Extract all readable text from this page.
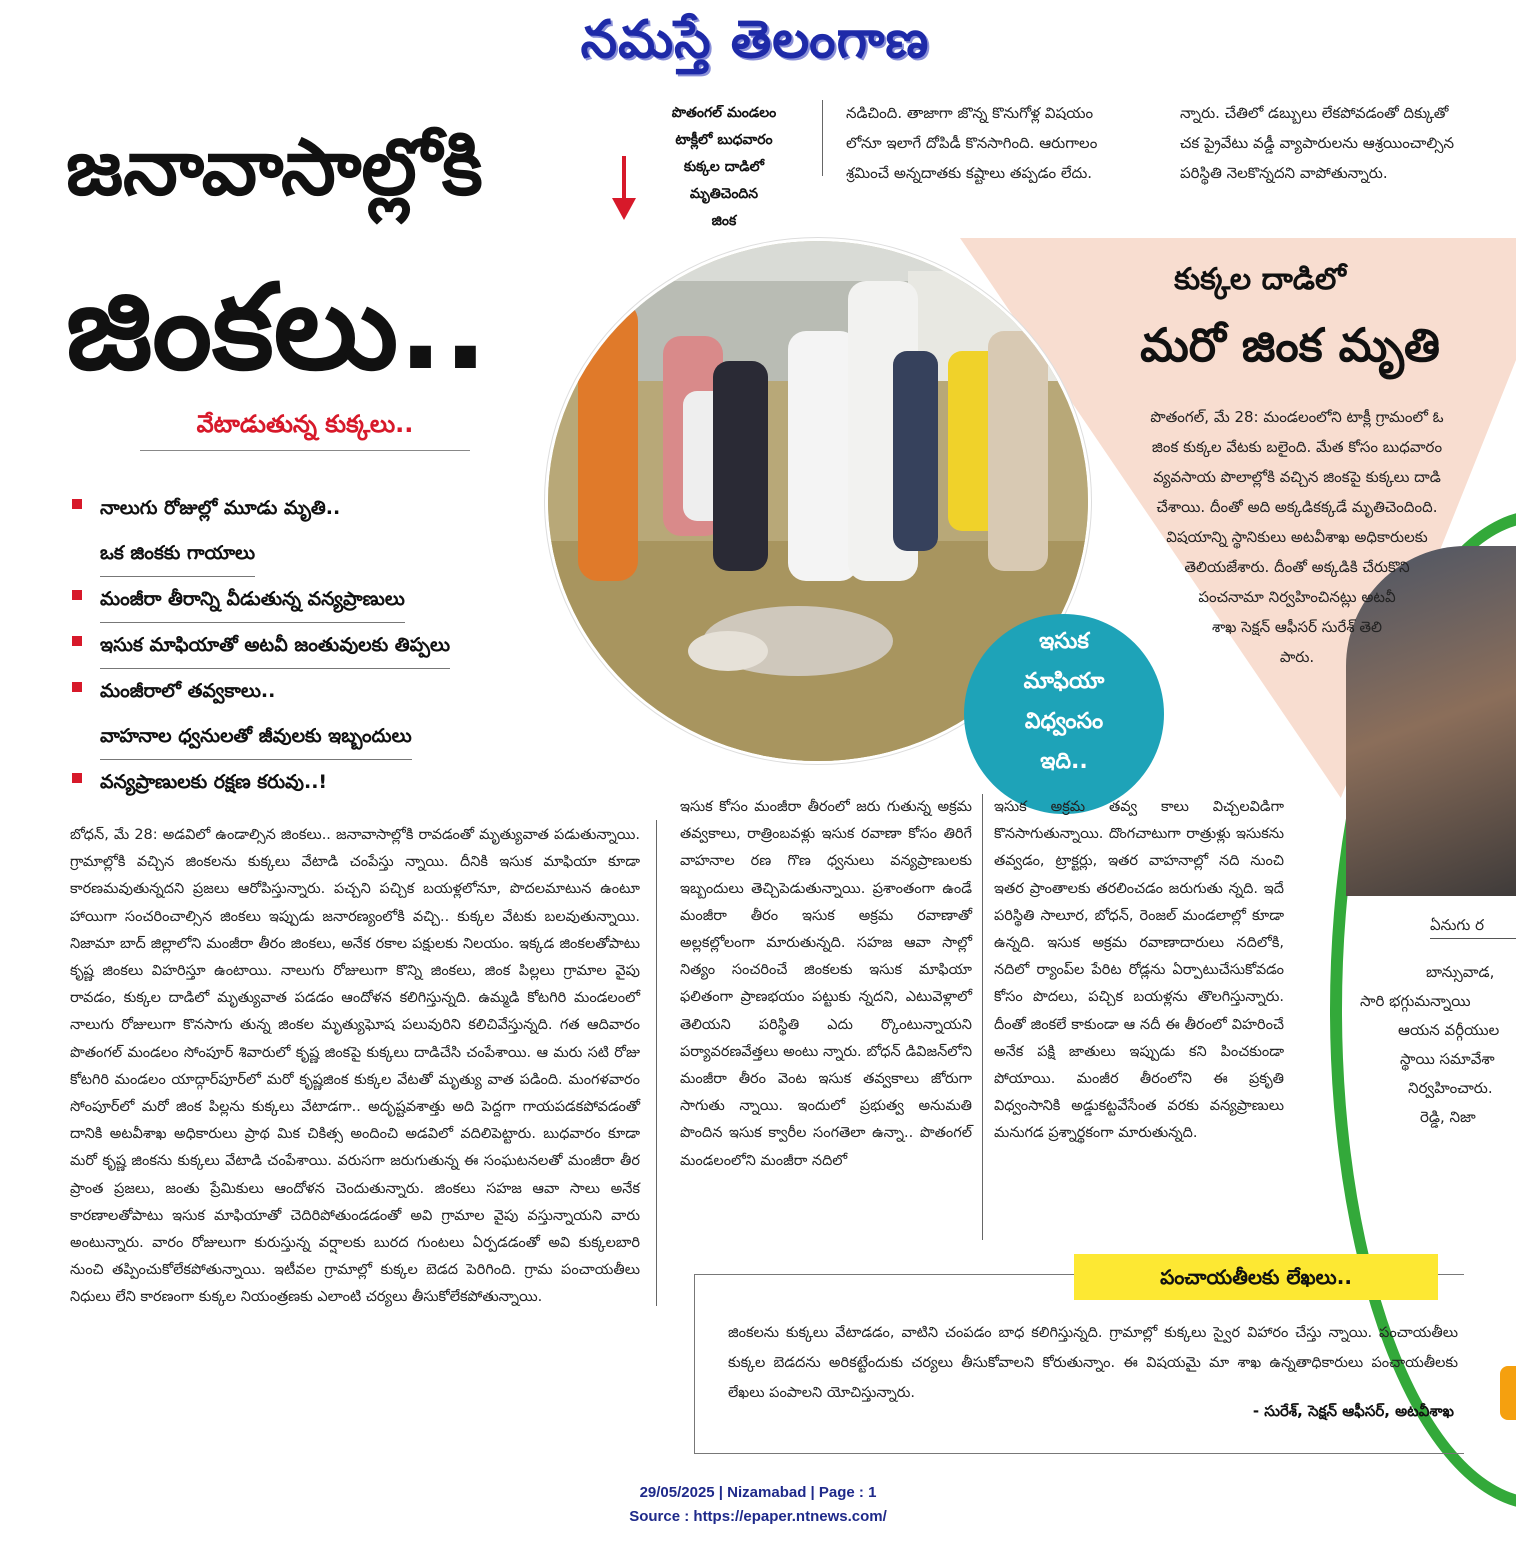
నమస్తే తెలంగాణ
జనావాసాల్లోకి
జింకలు..
పొతంగల్ మండలం
టాక్లీలో బుధవారం
కుక్కల దాడిలో
మృతిచెందిన
జింక
నడిచింది. తాజాగా జొన్న కొనుగోళ్ల విషయం
లోనూ ఇలాగే దోపిడీ కొనసాగింది. ఆరుగాలం
శ్రమించే అన్నదాతకు కష్టాలు తప్పడం లేదు.
న్నారు. చేతిలో డబ్బులు లేకపోవడంతో దిక్కుతో
చక ప్రైవేటు వడ్డీ వ్యాపారులను ఆశ్రయించాల్సిన
పరిస్థితి నెలకొన్నదని వాపోతున్నారు.
ఏనుగు ర
బాన్సువాడ,
సారి భగ్గుమన్నాయి
ఆయన వర్గీయుల
స్థాయి సమావేశా
నిర్వహించారు.
రెడ్డి, నిజా
వేటాడుతున్న కుక్కలు..
నాలుగు రోజుల్లో మూడు మృతి..
ఒక జింకకు గాయాలు
మంజీరా తీరాన్ని వీడుతున్న వన్యప్రాణులు
ఇసుక మాఫియాతో అటవీ జంతువులకు తిప్పలు
మంజీరాలో తవ్వకాలు..
వాహనాల ధ్వనులతో జీవులకు ఇబ్బందులు
వన్యప్రాణులకు రక్షణ కరువు..!
కుక్కల దాడిలో
మరో జింక మృతి
పొతంగల్, మే 28: మండలంలోని టాక్లీ గ్రామంలో ఓ
జింక కుక్కల వేటకు బలైంది. మేత కోసం బుధవారం
వ్యవసాయ పొలాల్లోకి వచ్చిన జింకపై కుక్కలు దాడి
చేశాయి. దీంతో అది అక్కడికక్కడే మృతిచెందింది.
విషయాన్ని స్థానికులు అటవీశాఖ అధికారులకు
తెలియజేశారు. దీంతో అక్కడికి చేరుకొని
పంచనామా నిర్వహించినట్లు అటవీ
శాఖ సెక్షన్ ఆఫీసర్ సురేశ్ తెలి
పారు.
ఇసుక
మాఫియా
విధ్వంసం
ఇది..
బోధన్, మే 28: అడవిలో ఉండాల్సిన జింకలు.. జనావాసాల్లోకి రావడంతో మృత్యువాత పడుతున్నాయి. గ్రామాల్లోకి వచ్చిన జింకలను కుక్కలు వేటాడి చంపేస్తు న్నాయి. దీనికి ఇసుక మాఫియా కూడా కారణమవుతున్నదని ప్రజలు ఆరోపిస్తున్నారు. పచ్చని పచ్చిక బయళ్లలోనూ, పొదలమాటున ఉంటూ హాయిగా సంచరించాల్సిన జింకలు ఇప్పుడు జనారణ్యంలోకి వచ్చి.. కుక్కల వేటకు బలవుతున్నాయి. నిజామా బాద్ జిల్లాలోని మంజీరా తీరం జింకలు, అనేక రకాల పక్షులకు నిలయం. ఇక్కడ జింకలతోపాటు కృష్ణ జింకలు విహరిస్తూ ఉంటాయి. నాలుగు రోజులుగా కొన్ని జింకలు, జింక పిల్లలు గ్రామాల వైపు రావడం, కుక్కల దాడిలో మృత్యువాత పడడం ఆందోళన కలిగిస్తున్నది. ఉమ్మడి కోటగిరి మండలంలో నాలుగు రోజులుగా కొనసాగు తున్న జింకల మృత్యుఘోష పలువురిని కలిచివేస్తున్నది. గత ఆదివారం పొతంగల్ మండలం సోంపూర్ శివారులో కృష్ణ జింకపై కుక్కలు దాడిచేసి చంపేశాయి. ఆ మరు సటి రోజు కోటగిరి మండలం యాద్గార్‌పూర్‌లో మరో కృష్ణజింక కుక్కల వేటతో మృత్యు వాత పడింది. మంగళవారం సోంపూర్‌లో మరో జింక పిల్లను కుక్కలు వేటాడగా.. అదృష్టవశాత్తు అది పెద్దగా గాయపడకపోవడంతో దానికి అటవీశాఖ అధికారులు ప్రాథ మిక చికిత్స అందించి అడవిలో వదిలిపెట్టారు. బుధవారం కూడా మరో కృష్ణ జింకను కుక్కలు వేటాడి చంపేశాయి. వరుసగా జరుగుతున్న ఈ సంఘటనలతో మంజీరా తీర ప్రాంత ప్రజలు, జంతు ప్రేమికులు ఆందోళన చెందుతున్నారు. జింకలు సహజ ఆవా సాలు అనేక కారణాలతోపాటు ఇసుక మాఫియాతో చెదిరిపోతుండడంతో అవి గ్రామాల వైపు వస్తున్నాయని వారు అంటున్నారు. వారం రోజులుగా కురుస్తున్న వర్షాలకు బురద గుంటలు ఏర్పడడంతో అవి కుక్కలబారి నుంచి తప్పించుకోలేకపోతున్నాయి. ఇటీవల గ్రామాల్లో కుక్కల బెడద పెరిగింది. గ్రామ పంచాయతీలు నిధులు లేని కారణంగా కుక్కల నియంత్రణకు ఎలాంటి చర్యలు తీసుకోలేకపోతున్నాయి.
ఇసుక కోసం మంజీరా తీరంలో జరు గుతున్న అక్రమ తవ్వకాలు, రాత్రింబవళ్లు ఇసుక రవాణా కోసం తిరిగే వాహనాల రణ గొణ ధ్వనులు వన్యప్రాణులకు ఇబ్బందులు తెచ్చిపెడుతున్నాయి. ప్రశాంతంగా ఉండే మంజీరా తీరం ఇసుక అక్రమ రవాణాతో అల్లకల్లోలంగా మారుతున్నది. సహజ ఆవా సాల్లో నిత్యం సంచరించే జింకలకు ఇసుక మాఫియా ఫలితంగా ప్రాణభయం పట్టుకు న్నదని, ఎటువెళ్లాలో తెలియని పరిస్థితి ఎదు ర్కొంటున్నాయని పర్యావరణవేత్తలు అంటు న్నారు. బోధన్ డివిజన్‌లోని మంజీరా తీరం వెంట ఇసుక తవ్వకాలు జోరుగా సాగుతు న్నాయి. ఇందులో ప్రభుత్వ అనుమతి పొందిన ఇసుక క్వారీల సంగతెలా ఉన్నా.. పొతంగల్ మండలంలోని మంజీరా నదిలో
ఇసుక అక్రమ తవ్వ కాలు విచ్చలవిడిగా కొనసాగుతున్నాయి. దొంగచాటుగా రాత్రుళ్లు ఇసుకను తవ్వడం, ట్రాక్టర్లు, ఇతర వాహనాల్లో నది నుంచి ఇతర ప్రాంతాలకు తరలించడం జరుగుతు న్నది. ఇదే పరిస్థితి సాలూర, బోధన్, రెంజల్ మండలాల్లో కూడా ఉన్నది. ఇసుక అక్రమ రవాణాదారులు నదిలోకి, నదిలో ర్యాంప్‌ల పేరిట రోడ్లను ఏర్పాటుచేసుకోవడం కోసం పొదలు, పచ్చిక బయళ్లను తొలగిస్తున్నారు. దీంతో జింకలే కాకుండా ఆ నదీ ఈ తీరంలో విహరించే అనేక పక్షి జాతులు ఇప్పుడు కని పించకుండా పోయాయి. మంజీర తీరంలోని ఈ ప్రకృతి విధ్వంసానికి అడ్డుకట్టవేసేంత వరకు వన్యప్రాణులు మనుగడ ప్రశ్నార్థకంగా మారుతున్నది.
పంచాయతీలకు లేఖలు..
జింకలను కుక్కలు వేటాడడం, వాటిని చంపడం బాధ కలిగిస్తున్నది. గ్రామాల్లో కుక్కలు స్వైర విహారం చేస్తు న్నాయి. పంచాయతీలు కుక్కల బెడదను అరికట్టేందుకు చర్యలు తీసుకోవాలని కోరుతున్నాం. ఈ విషయమై మా శాఖ ఉన్నతాధికారులు పంచాయతీలకు లేఖలు పంపాలని యోచిస్తున్నారు.
- సురేశ్, సెక్షన్ ఆఫీసర్, అటవీశాఖ
29/05/2025 | Nizamabad | Page : 1
Source : https://epaper.ntnews.com/
